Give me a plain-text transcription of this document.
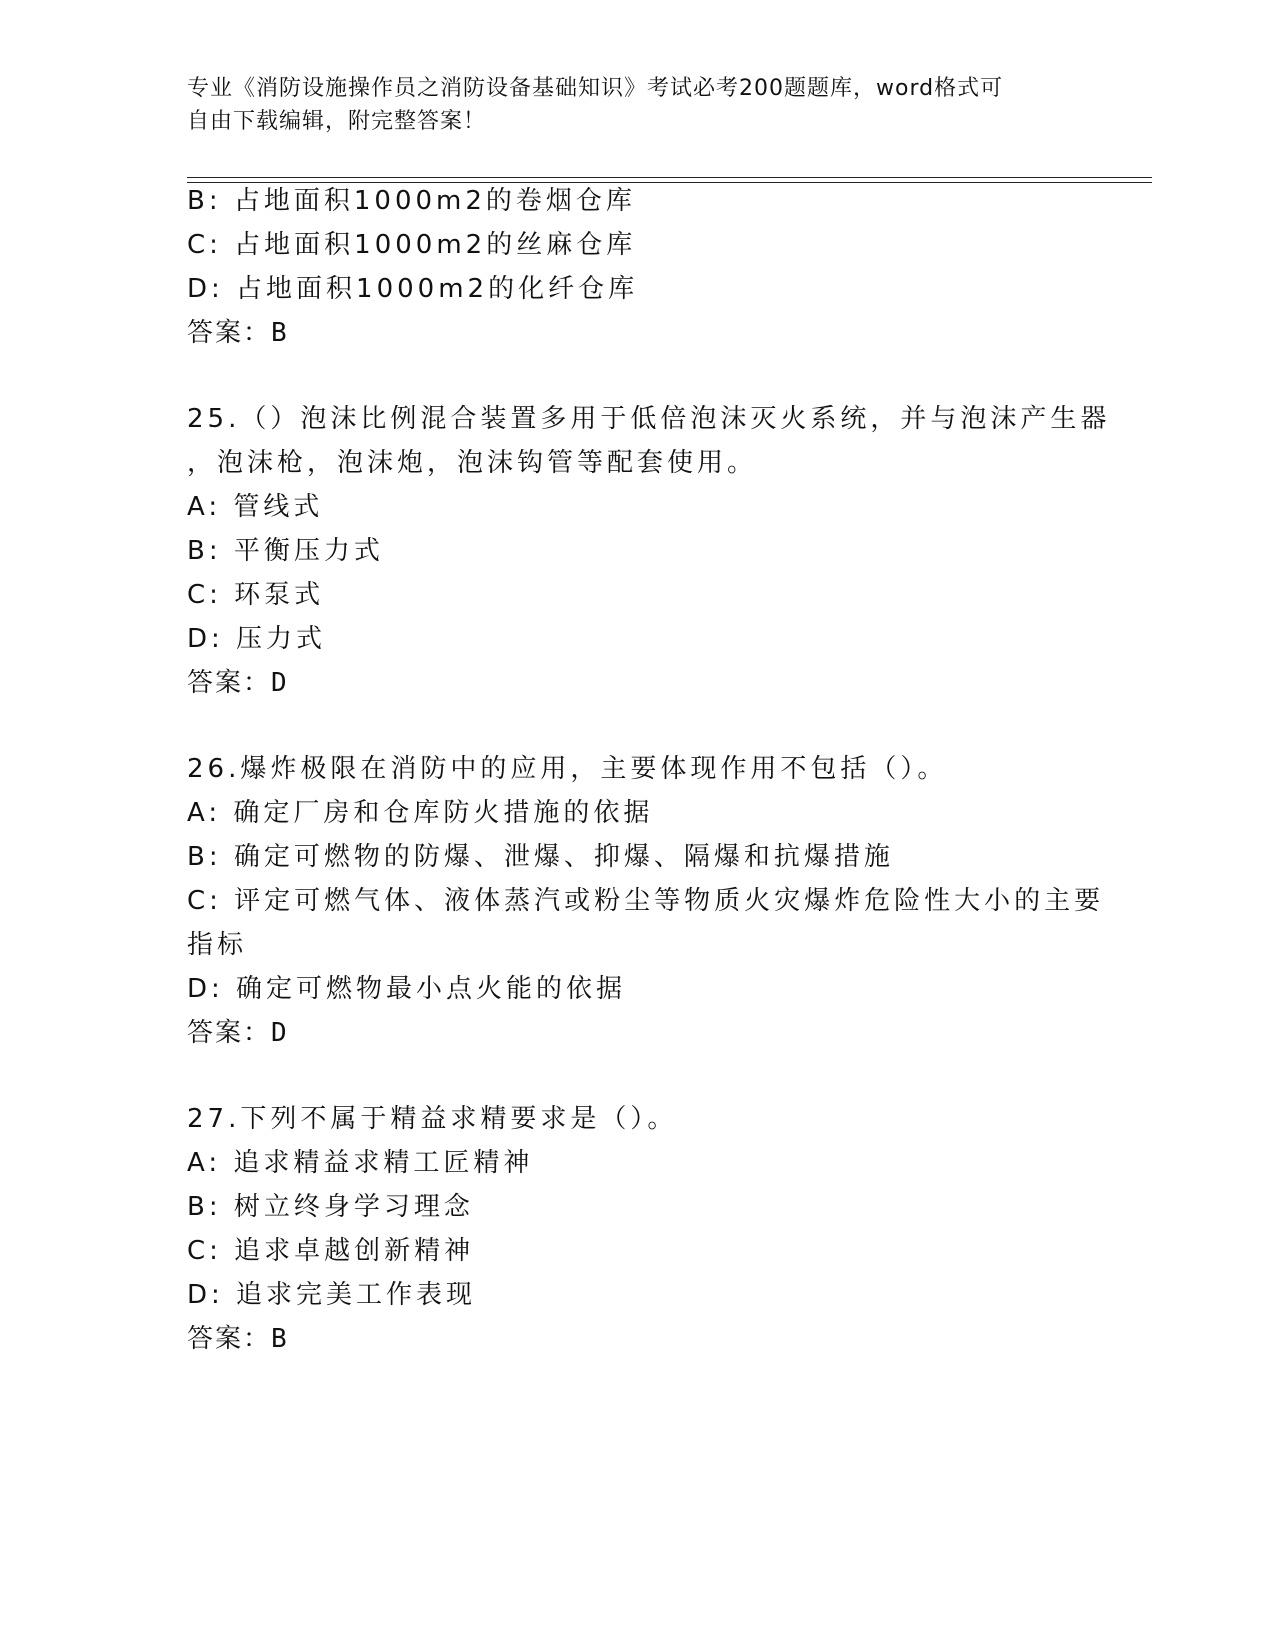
专业《消防设施操作员之消防设备基础知识》考试必考200题题库，word格式可
自由下载编辑，附完整答案！
B: 占地面积1000m2的卷烟仓库
C: 占地面积1000m2的丝麻仓库
D: 占地面积1000m2的化纤仓库
答案：B
25.（）泡沫比例混合装置多用于低倍泡沫灭火系统，并与泡沫产生器
，泡沫枪，泡沫炮，泡沫钩管等配套使用。
A: 管线式
B: 平衡压力式
C: 环泵式
D: 压力式
答案：D
26.爆炸极限在消防中的应用，主要体现作用不包括（）。
A: 确定厂房和仓库防火措施的依据
B: 确定可燃物的防爆、泄爆、抑爆、隔爆和抗爆措施
C: 评定可燃气体、液体蒸汽或粉尘等物质火灾爆炸危险性大小的主要
指标
D: 确定可燃物最小点火能的依据
答案：D
27.下列不属于精益求精要求是（）。
A: 追求精益求精工匠精神
B: 树立终身学习理念
C: 追求卓越创新精神
D: 追求完美工作表现
答案：B
